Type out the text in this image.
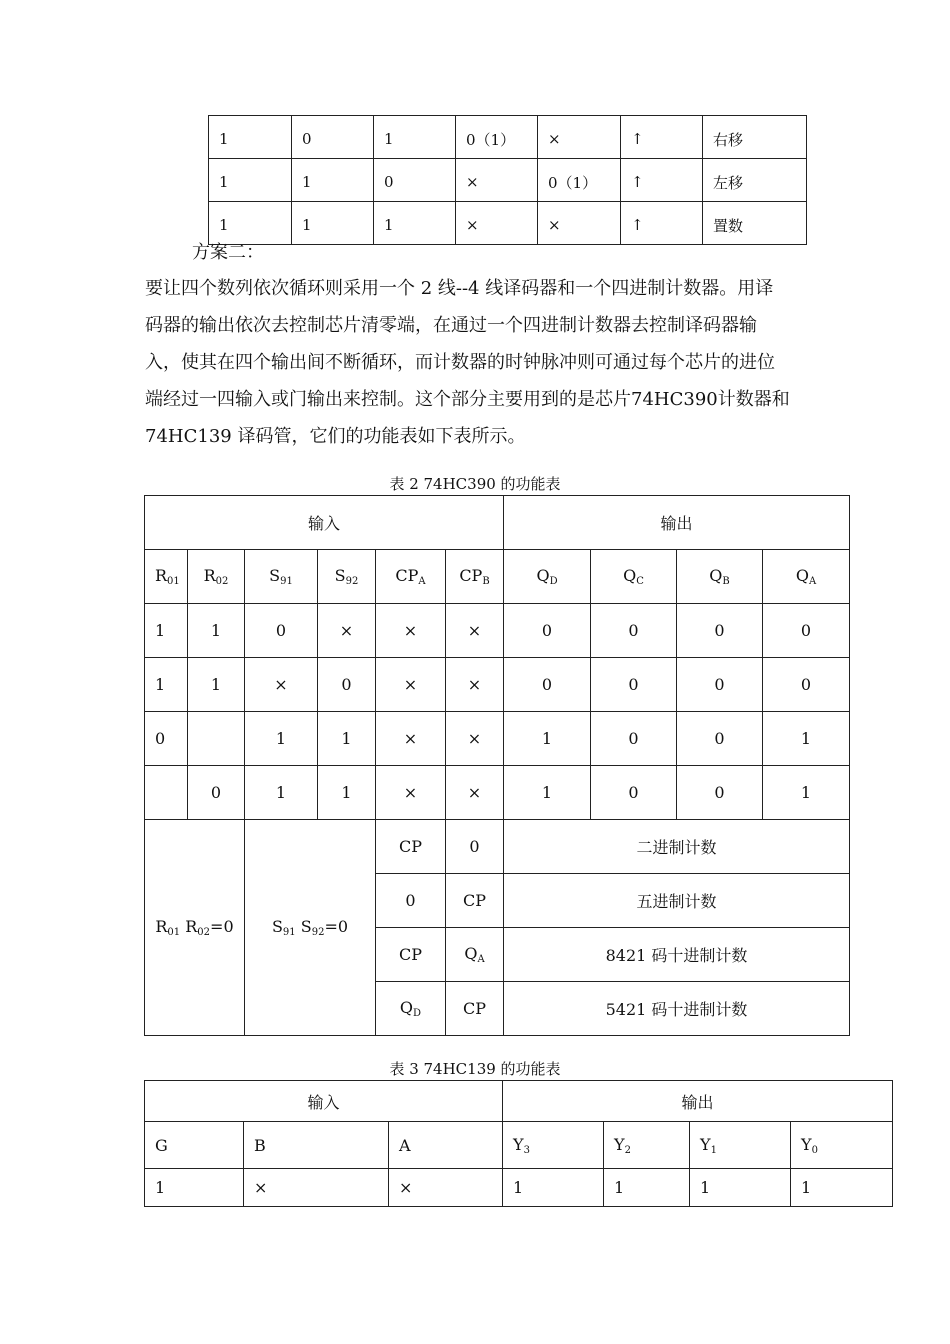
1	0	1	0（1）	×	↑	右移
1	1	0	×	0（1）	↑	左移
1	1	1	×	×	↑	置数
方案二：
要让四个数列依次循环则采用一个 2 线--4 线译码器和一个四进制计数器。用译
码器的输出依次去控制芯片清零端，在通过一个四进制计数器去控制译码器输
入，使其在四个输出间不断循环，而计数器的时钟脉冲则可通过每个芯片的进位
端经过一四输入或门输出来控制。这个部分主要用到的是芯片74HC390计数器和
74HC139 译码管，它们的功能表如下表所示。
表 2 74HC390 的功能表
输入						输出			
$R_{01}$	$R_{02}$	$S_{91}$	$S_{92}$	$CP_A$	$CP_B$	$Q_D$	$Q_C$	$Q_B$	$Q_A$
1	1	0	×	×	×	0	0	0	0
1	1	×	0	×	×	0	0	0	0
0		1	1	×	×	1	0	0	1
	0	1	1	×	×	1	0	0	1
$R_{01}$ $R_{02}=0$		$S_{91}$ $S_{92}=0$		CP	0	二进制计数			
				0	CP	五进制计数			
				CP	$Q_A$	8421 码十进制计数			
				$Q_D$	CP	5421 码十进制计数			
表 3 74HC139 的功能表
输入			输出			
G	B	A	$Y_3$	$Y_2$	$Y_1$	$Y_0$
1	×	×	1	1	1	1
